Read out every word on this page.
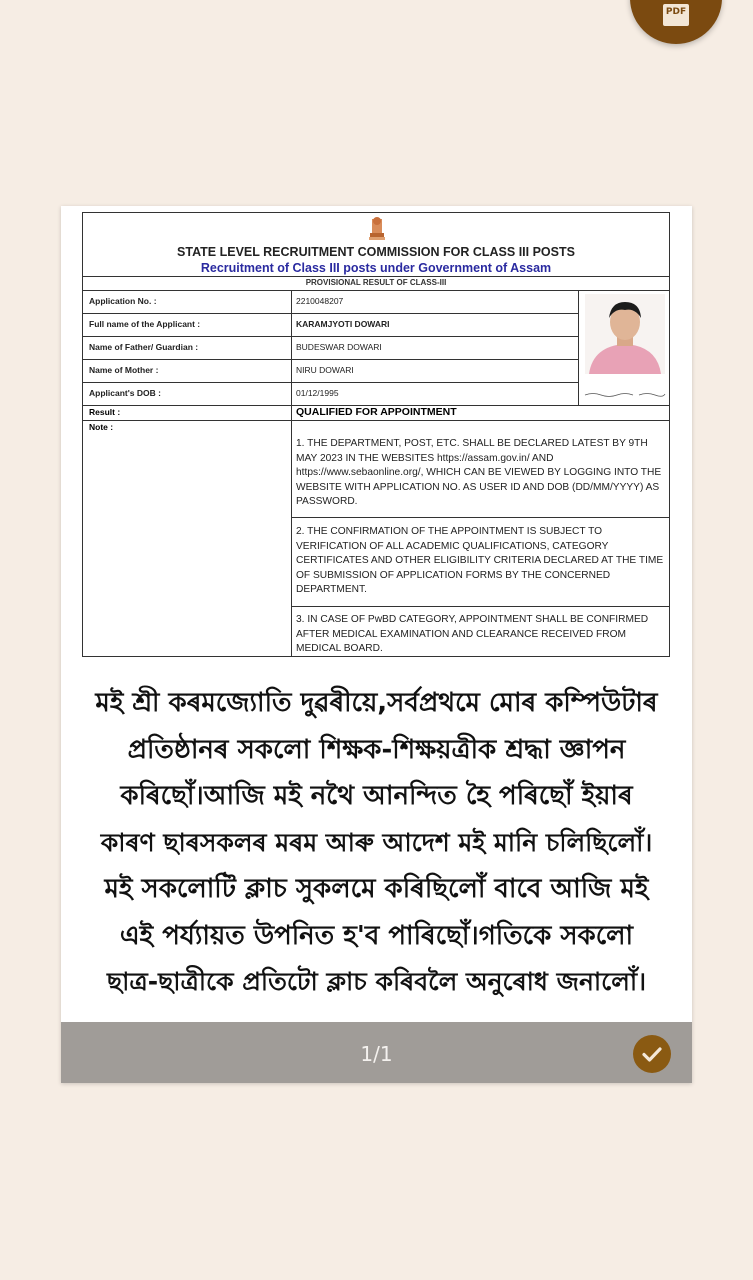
PDF
STATE LEVEL RECRUITMENT COMMISSION FOR CLASS III POSTS
Recruitment of Class III posts under Government of Assam
PROVISIONAL RESULT OF CLASS-III
Application No. :	2210048207
Full name of the Applicant :	KARAMJYOTI DOWARI
Name of Father/ Guardian :	BUDESWAR DOWARI
Name of Mother :	NIRU DOWARI
Applicant's DOB :	01/12/1995
Result :	QUALIFIED FOR APPOINTMENT
Note :
1. THE DEPARTMENT, POST, ETC. SHALL BE DECLARED LATEST BY 9TH MAY 2023 IN THE WEBSITES https://assam.gov.in/ AND https://www.sebaonline.org/, WHICH CAN BE VIEWED BY LOGGING INTO THE WEBSITE WITH APPLICATION NO. AS USER ID AND DOB (DD/MM/YYYY) AS PASSWORD.
2. THE CONFIRMATION OF THE APPOINTMENT IS SUBJECT TO VERIFICATION OF ALL ACADEMIC QUALIFICATIONS, CATEGORY CERTIFICATES AND OTHER ELIGIBILITY CRITERIA DECLARED AT THE TIME OF SUBMISSION OF APPLICATION FORMS BY THE CONCERNED DEPARTMENT.
3. IN CASE OF PwBD CATEGORY, APPOINTMENT SHALL BE CONFIRMED AFTER MEDICAL EXAMINATION AND CLEARANCE RECEIVED FROM MEDICAL BOARD.
মই শ্ৰী কৰমজ্যোতি দুৱৰীয়ে,সৰ্বপ্ৰথমে মোৰ কম্পিউটাৰ
প্ৰতিষ্ঠানৰ সকলো শিক্ষক-শিক্ষয়ত্ৰীক শ্ৰদ্ধা জ্ঞাপন
কৰিছোঁ।আজি মই নথৈ আনন্দিত হৈ পৰিছোঁ ইয়াৰ
কাৰণ ছাৰসকলৰ মৰম আৰু আদেশ মই মানি চলিছিলোঁ।
মই সকলোটি ক্লাচ সুকলমে কৰিছিলোঁ বাবে আজি মই
এই পৰ্য্যায়ত উপনিত হ'ব পাৰিছোঁ।গতিকে সকলো
ছাত্ৰ-ছাত্ৰীকে প্ৰতিটো ক্লাচ কৰিবলৈ অনুৰোধ জনালোঁ।
1/1
